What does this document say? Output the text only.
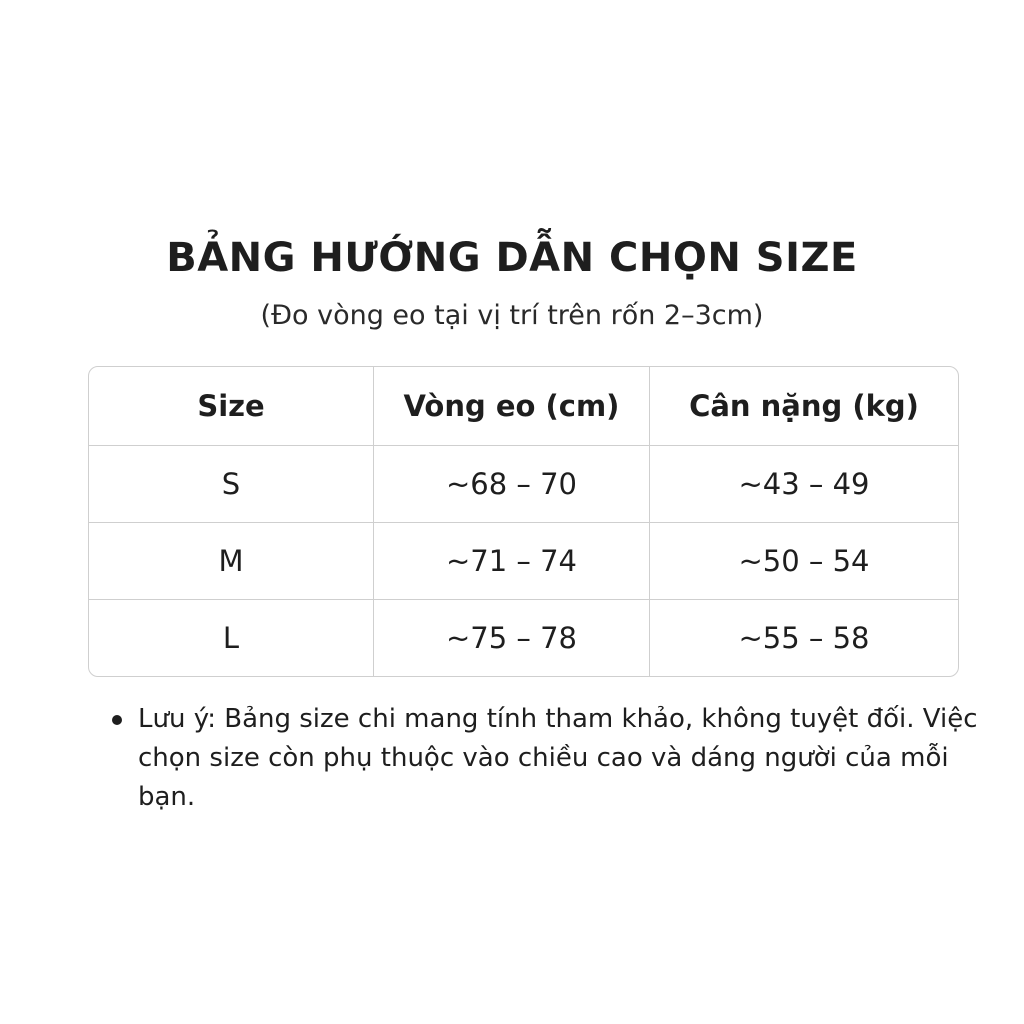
BẢNG HƯỚNG DẪN CHỌN SIZE

(Đo vòng eo tại vị trí trên rốn 2–3cm)

Size	Vòng eo (cm)	Cân nặng (kg)
S	~68 – 70	~43 – 49
M	~71 – 74	~50 – 54
L	~75 – 78	~55 – 58

Lưu ý: Bảng size chi mang tính tham khảo, không tuyệt đối. Việc chọn size còn phụ thuộc vào chiều cao và dáng người của mỗi bạn.
